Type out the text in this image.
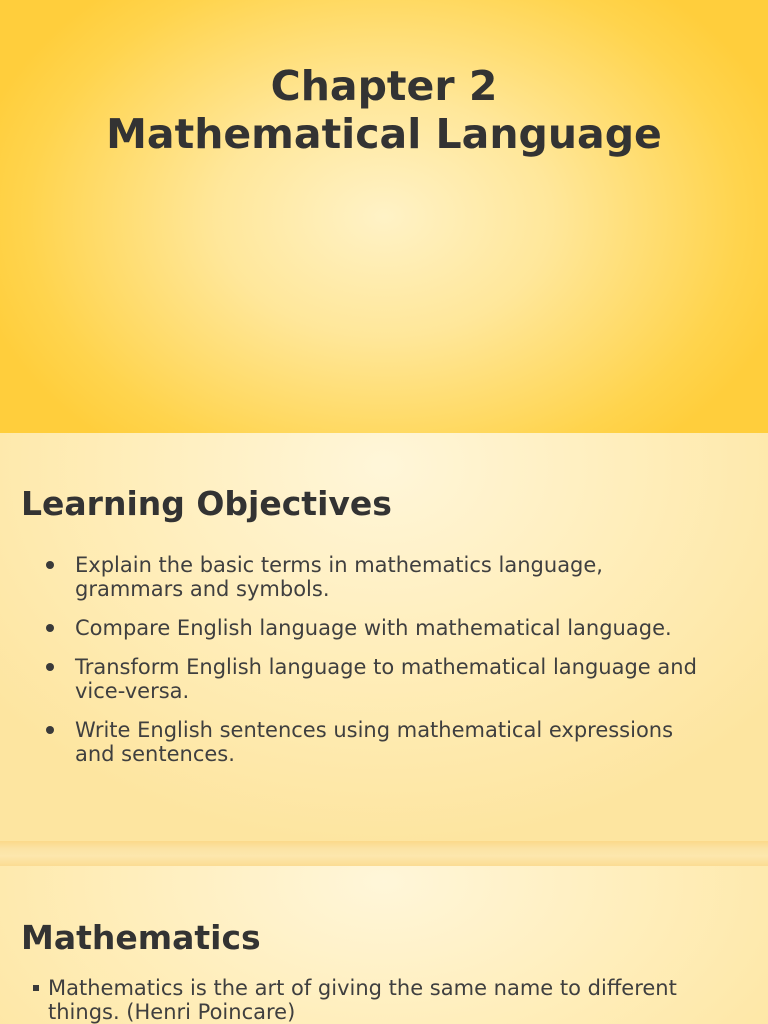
Chapter 2
Mathematical Language
Learning Objectives
Explain the basic terms in mathematics language, grammars and symbols.
Compare English language with mathematical language.
Transform English language to mathematical language and vice-versa.
Write English sentences using mathematical expressions and sentences.
Mathematics
Mathematics is the art of giving the same name to different things. (Henri Poincare)
